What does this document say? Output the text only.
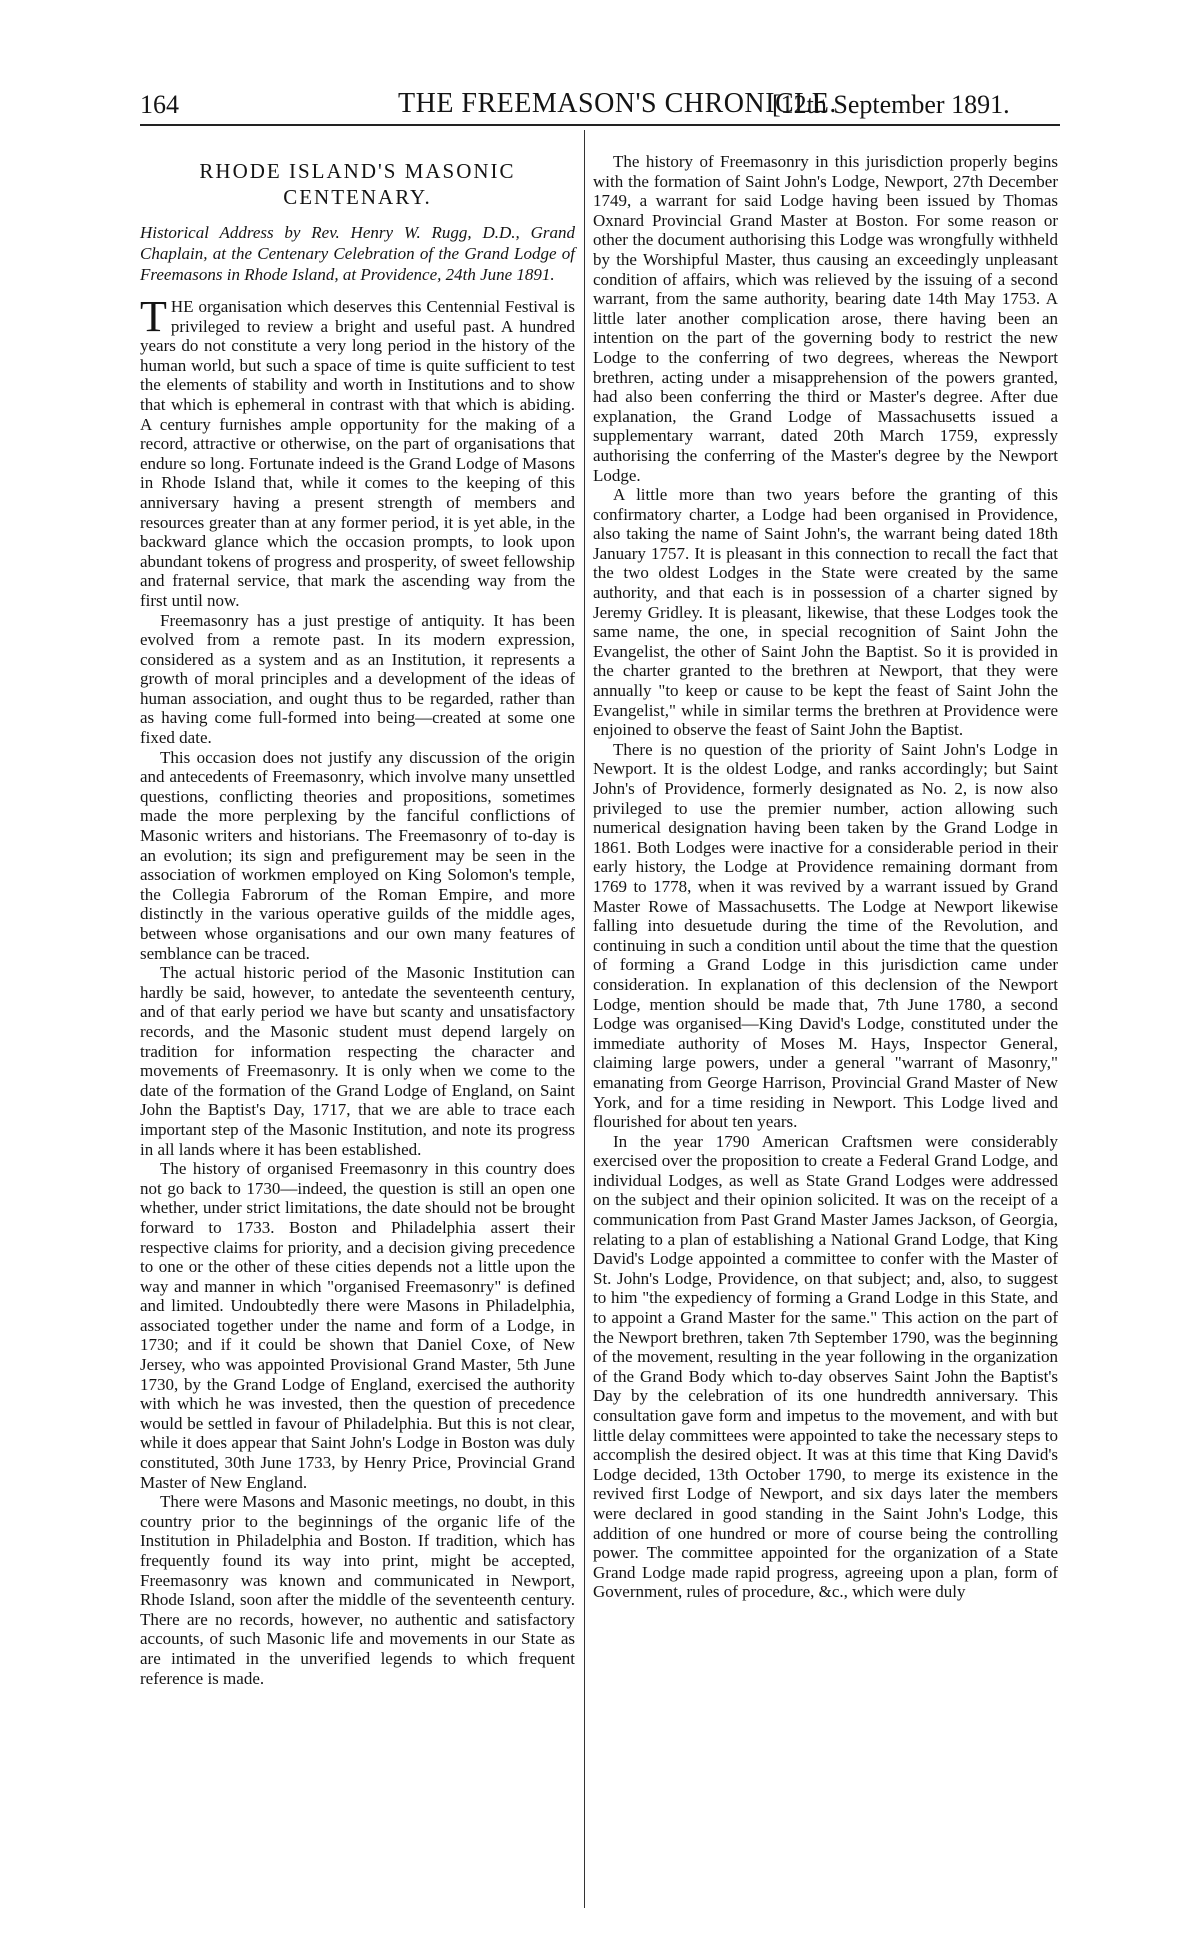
164	THE FREEMASON'S CHRONICLE.
[12th September 1891.
RHODE ISLAND'S MASONIC
CENTENARY.
Historical Address by Rev. Henry W. Rugg, D.D., Grand Chaplain, at the Centenary Celebration of the Grand Lodge of Freemasons in Rhode Island, at Providence, 24th June 1891.

THE organisation which deserves this Centennial Festival is privileged to review a bright and useful past. A hundred years do not constitute a very long period in the history of the human world, but such a space of time is quite sufficient to test the elements of stability and worth in Institutions and to show that which is ephemeral in contrast with that which is abiding. A century furnishes ample opportunity for the making of a record, attractive or otherwise, on the part of organisations that endure so long. Fortunate indeed is the Grand Lodge of Masons in Rhode Island that, while it comes to the keeping of this anniversary having a present strength of members and resources greater than at any former period, it is yet able, in the backward glance which the occasion prompts, to look upon abundant tokens of progress and prosperity, of sweet fellowship and fraternal service, that mark the ascending way from the first until now.

Freemasonry has a just prestige of antiquity. It has been evolved from a remote past. In its modern expression, considered as a system and as an Institution, it represents a growth of moral principles and a development of the ideas of human association, and ought thus to be regarded, rather than as having come full-formed into being—created at some one fixed date.

This occasion does not justify any discussion of the origin and antecedents of Freemasonry, which involve many unsettled questions, conflicting theories and propositions, sometimes made the more perplexing by the fanciful conflictions of Masonic writers and historians. The Freemasonry of to-day is an evolution; its sign and prefigurement may be seen in the association of workmen employed on King Solomon's temple, the Collegia Fabrorum of the Roman Empire, and more distinctly in the various operative guilds of the middle ages, between whose organisations and our own many features of semblance can be traced.

The actual historic period of the Masonic Institution can hardly be said, however, to antedate the seventeenth century, and of that early period we have but scanty and unsatisfactory records, and the Masonic student must depend largely on tradition for information respecting the character and movements of Freemasonry. It is only when we come to the date of the formation of the Grand Lodge of England, on Saint John the Baptist's Day, 1717, that we are able to trace each important step of the Masonic Institution, and note its progress in all lands where it has been established.

The history of organised Freemasonry in this country does not go back to 1730—indeed, the question is still an open one whether, under strict limitations, the date should not be brought forward to 1733. Boston and Philadelphia assert their respective claims for priority, and a decision giving precedence to one or the other of these cities depends not a little upon the way and manner in which "organised Freemasonry" is defined and limited. Undoubtedly there were Masons in Philadelphia, associated together under the name and form of a Lodge, in 1730; and if it could be shown that Daniel Coxe, of New Jersey, who was appointed Provisional Grand Master, 5th June 1730, by the Grand Lodge of England, exercised the authority with which he was invested, then the question of precedence would be settled in favour of Philadelphia. But this is not clear, while it does appear that Saint John's Lodge in Boston was duly constituted, 30th June 1733, by Henry Price, Provincial Grand Master of New England.

There were Masons and Masonic meetings, no doubt, in this country prior to the beginnings of the organic life of the Institution in Philadelphia and Boston. If tradition, which has frequently found its way into print, might be accepted, Freemasonry was known and communicated in Newport, Rhode Island, soon after the middle of the seventeenth century. There are no records, however, no authentic and satisfactory accounts, of such Masonic life and movements in our State as are intimated in the unverified legends to which frequent reference is made.

The history of Freemasonry in this jurisdiction properly begins with the formation of Saint John's Lodge, Newport, 27th December 1749, a warrant for said Lodge having been issued by Thomas Oxnard Provincial Grand Master at Boston. For some reason or other the document authorising this Lodge was wrongfully withheld by the Worshipful Master, thus causing an exceedingly unpleasant condition of affairs, which was relieved by the issuing of a second warrant, from the same authority, bearing date 14th May 1753. A little later another complication arose, there having been an intention on the part of the governing body to restrict the new Lodge to the conferring of two degrees, whereas the Newport brethren, acting under a misapprehension of the powers granted, had also been conferring the third or Master's degree. After due explanation, the Grand Lodge of Massachusetts issued a supplementary warrant, dated 20th March 1759, expressly authorising the conferring of the Master's degree by the Newport Lodge.

A little more than two years before the granting of this confirmatory charter, a Lodge had been organised in Providence, also taking the name of Saint John's, the warrant being dated 18th January 1757. It is pleasant in this connection to recall the fact that the two oldest Lodges in the State were created by the same authority, and that each is in possession of a charter signed by Jeremy Gridley. It is pleasant, likewise, that these Lodges took the same name, the one, in special recognition of Saint John the Evangelist, the other of Saint John the Baptist. So it is provided in the charter granted to the brethren at Newport, that they were annually "to keep or cause to be kept the feast of Saint John the Evangelist," while in similar terms the brethren at Providence were enjoined to observe the feast of Saint John the Baptist.

There is no question of the priority of Saint John's Lodge in Newport. It is the oldest Lodge, and ranks accordingly; but Saint John's of Providence, formerly designated as No. 2, is now also privileged to use the premier number, action allowing such numerical designation having been taken by the Grand Lodge in 1861. Both Lodges were inactive for a considerable period in their early history, the Lodge at Providence remaining dormant from 1769 to 1778, when it was revived by a warrant issued by Grand Master Rowe of Massachusetts. The Lodge at Newport likewise falling into desuetude during the time of the Revolution, and continuing in such a condition until about the time that the question of forming a Grand Lodge in this jurisdiction came under consideration. In explanation of this declension of the Newport Lodge, mention should be made that, 7th June 1780, a second Lodge was organised—King David's Lodge, constituted under the immediate authority of Moses M. Hays, Inspector General, claiming large powers, under a general "warrant of Masonry," emanating from George Harrison, Provincial Grand Master of New York, and for a time residing in Newport. This Lodge lived and flourished for about ten years.

In the year 1790 American Craftsmen were considerably exercised over the proposition to create a Federal Grand Lodge, and individual Lodges, as well as State Grand Lodges were addressed on the subject and their opinion solicited. It was on the receipt of a communication from Past Grand Master James Jackson, of Georgia, relating to a plan of establishing a National Grand Lodge, that King David's Lodge appointed a committee to confer with the Master of St. John's Lodge, Providence, on that subject; and, also, to suggest to him "the expediency of forming a Grand Lodge in this State, and to appoint a Grand Master for the same." This action on the part of the Newport brethren, taken 7th September 1790, was the beginning of the movement, resulting in the year following in the organization of the Grand Body which to-day observes Saint John the Baptist's Day by the celebration of its one hundredth anniversary. This consultation gave form and impetus to the movement, and with but little delay committees were appointed to take the necessary steps to accomplish the desired object. It was at this time that King David's Lodge decided, 13th October 1790, to merge its existence in the revived first Lodge of Newport, and six days later the members were declared in good standing in the Saint John's Lodge, this addition of one hundred or more of course being the controlling power. The committee appointed for the organization of a State Grand Lodge made rapid progress, agreeing upon a plan, form of Government, rules of procedure, &c., which were duly
